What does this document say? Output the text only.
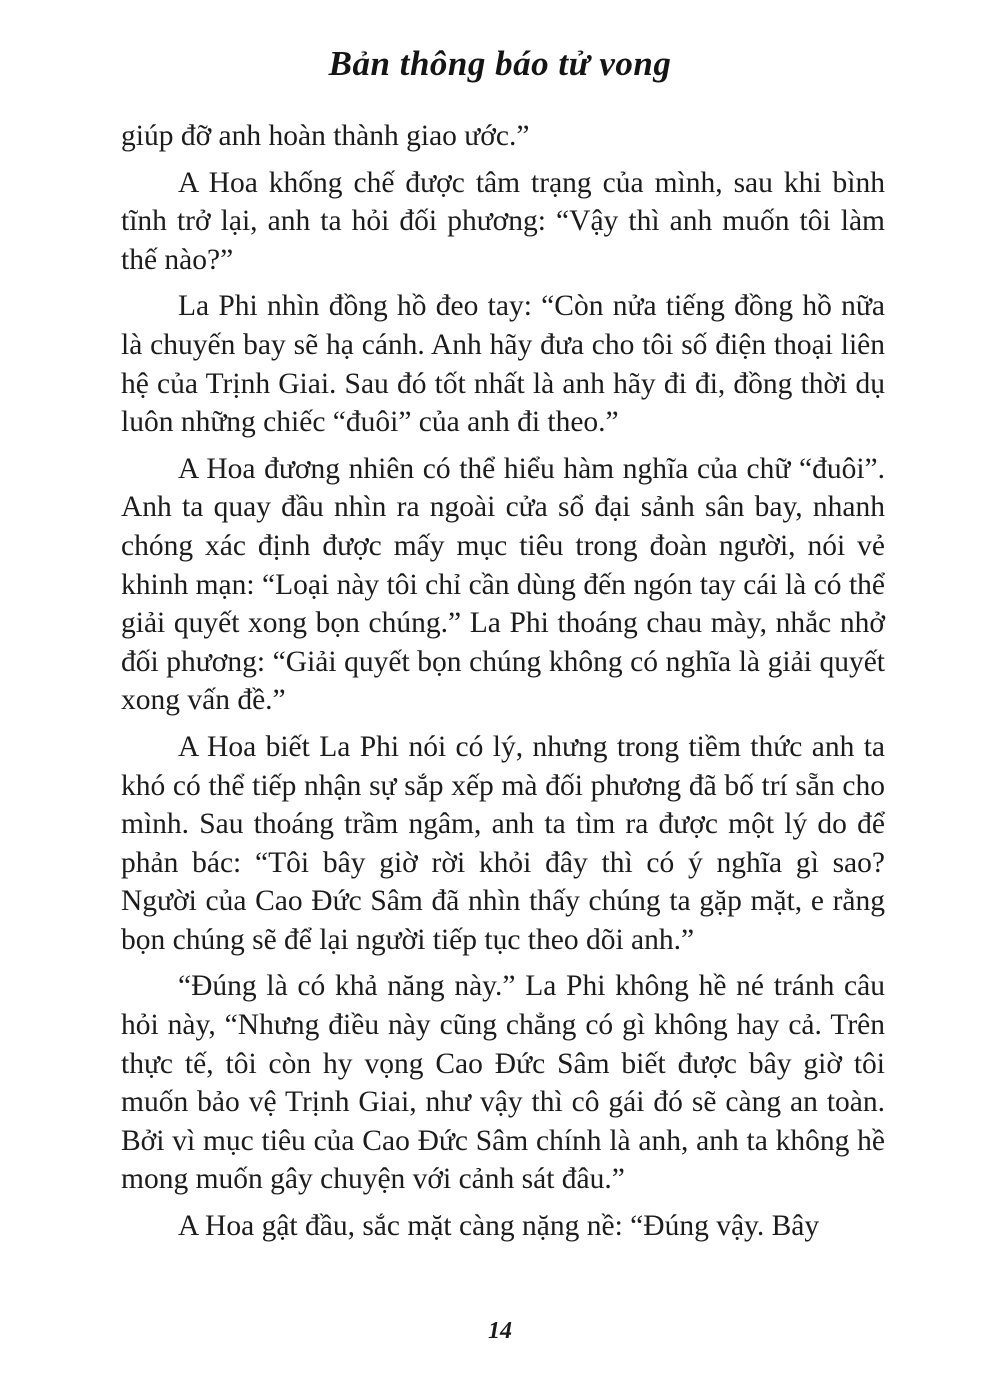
Bản thông báo tử vong

giúp đỡ anh hoàn thành giao ước.”

A Hoa khống chế được tâm trạng của mình, sau khi bình tĩnh trở lại, anh ta hỏi đối phương: “Vậy thì anh muốn tôi làm thế nào?”

La Phi nhìn đồng hồ đeo tay: “Còn nửa tiếng đồng hồ nữa là chuyến bay sẽ hạ cánh. Anh hãy đưa cho tôi số điện thoại liên hệ của Trịnh Giai. Sau đó tốt nhất là anh hãy đi đi, đồng thời dụ luôn những chiếc “đuôi” của anh đi theo.”

A Hoa đương nhiên có thể hiểu hàm nghĩa của chữ “đuôi”. Anh ta quay đầu nhìn ra ngoài cửa sổ đại sảnh sân bay, nhanh chóng xác định được mấy mục tiêu trong đoàn người, nói vẻ khinh mạn: “Loại này tôi chỉ cần dùng đến ngón tay cái là có thể giải quyết xong bọn chúng.” La Phi thoáng chau mày, nhắc nhở đối phương: “Giải quyết bọn chúng không có nghĩa là giải quyết xong vấn đề.”

A Hoa biết La Phi nói có lý, nhưng trong tiềm thức anh ta khó có thể tiếp nhận sự sắp xếp mà đối phương đã bố trí sẵn cho mình. Sau thoáng trầm ngâm, anh ta tìm ra được một lý do để phản bác: “Tôi bây giờ rời khỏi đây thì có ý nghĩa gì sao? Người của Cao Đức Sâm đã nhìn thấy chúng ta gặp mặt, e rằng bọn chúng sẽ để lại người tiếp tục theo dõi anh.”

“Đúng là có khả năng này.” La Phi không hề né tránh câu hỏi này, “Nhưng điều này cũng chẳng có gì không hay cả. Trên thực tế, tôi còn hy vọng Cao Đức Sâm biết được bây giờ tôi muốn bảo vệ Trịnh Giai, như vậy thì cô gái đó sẽ càng an toàn. Bởi vì mục tiêu của Cao Đức Sâm chính là anh, anh ta không hề mong muốn gây chuyện với cảnh sát đâu.”

A Hoa gật đầu, sắc mặt càng nặng nề: “Đúng vậy. Bây

14
